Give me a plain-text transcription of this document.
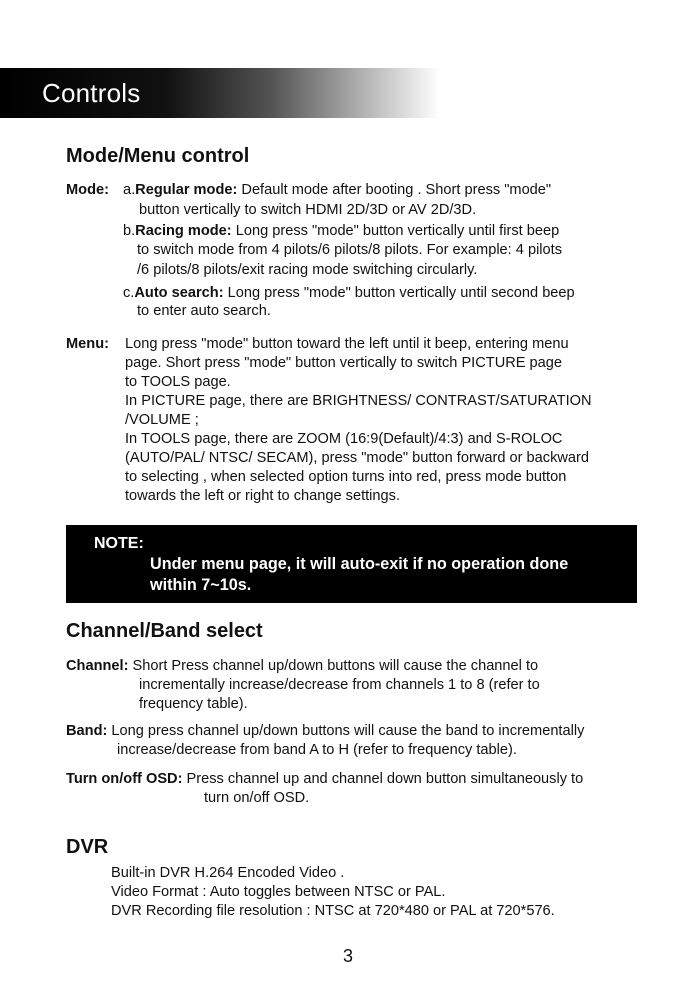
Controls
Mode/Menu control
Mode: a.Regular mode: Default mode after booting . Short press "mode"
button vertically to switch HDMI 2D/3D or AV 2D/3D.
b.Racing mode: Long press "mode" button vertically until first beep
to switch mode from 4 pilots/6 pilots/8 pilots. For example: 4 pilots
/6 pilots/8 pilots/exit racing mode switching circularly.
c.Auto search: Long press "mode" button vertically until second beep
to enter auto search.
Menu: Long press "mode" button toward the left until it beep, entering menu
page. Short press "mode" button vertically to switch PICTURE page
to TOOLS page.
In PICTURE page, there are BRIGHTNESS/ CONTRAST/SATURATION
/VOLUME ;
In TOOLS page, there are ZOOM (16:9(Default)/4:3) and S-ROLOC
(AUTO/PAL/ NTSC/ SECAM), press "mode" button forward or backward
to selecting , when selected option turns into red, press mode button
towards the left or right to change settings.
NOTE:
Under menu page, it will auto-exit if no operation done
within 7~10s.
Channel/Band select
Channel: Short Press channel up/down buttons will cause the channel to
incrementally increase/decrease from channels 1 to 8 (refer to
frequency table).
Band: Long press channel up/down buttons will cause the band to incrementally
increase/decrease from band A to H (refer to frequency table).
Turn on/off OSD: Press channel up and channel down button simultaneously to
turn on/off OSD.
DVR
Built-in DVR H.264 Encoded Video .
Video Format : Auto toggles between NTSC or PAL.
DVR Recording file resolution : NTSC at 720*480 or PAL at 720*576.
3
